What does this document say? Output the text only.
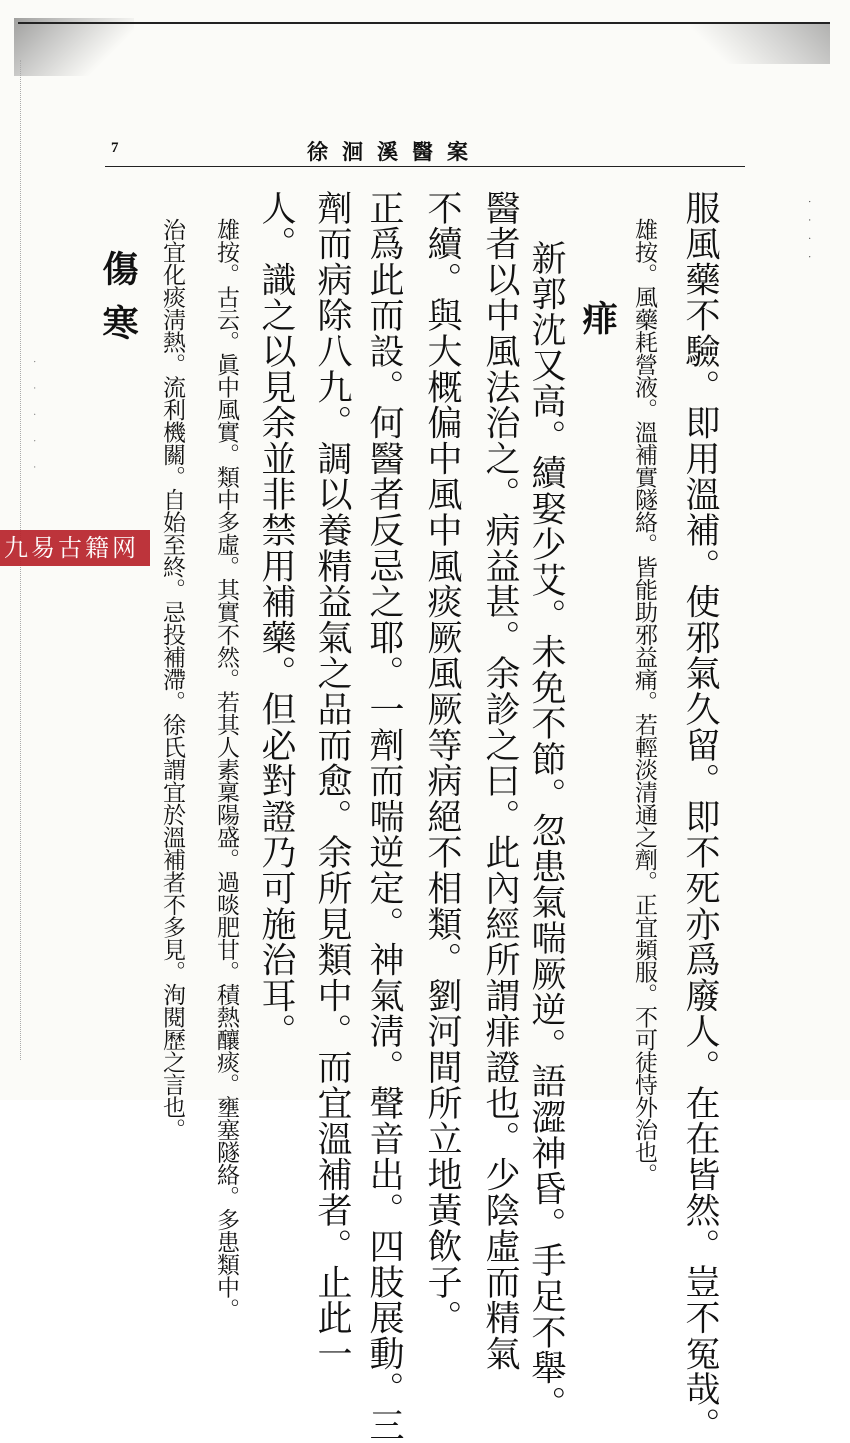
· · · ·
· · · · ·
7	徐洄溪醫案
服風藥不驗。即用溫補。使邪氣久留。即不死亦爲廢人。在在皆然。豈不冤哉。
雄按。風藥耗營液。溫補實隧絡。皆能助邪益痛。若輕淡清通之劑。正宜頻服。不可徒恃外治也。
痱
新郭沈又高。續娶少艾。未免不節。忽患氣喘厥逆。語澀神昏。手足不舉。
醫者以中風法治之。病益甚。余診之曰。此內經所謂痱證也。少陰虛而精氣
不續。與大概偏中風中風痰厥風厥等病絕不相類。劉河間所立地黃飲子。
正爲此而設。何醫者反忌之耶。一劑而喘逆定。神氣淸。聲音出。四肢展動。三
劑而病除八九。調以養精益氣之品而愈。余所見類中。而宜溫補者。止此一
人。識之以見余並非禁用補藥。但必對證乃可施治耳。
雄按。古云。眞中風實。類中多虛。其實不然。若其人素稟陽盛。過啖肥甘。積熱釀痰。壅塞隧絡。多患類中。
治宜化痰淸熱。流利機關。自始至終。忌投補滯。徐氏謂宜於溫補者不多見。洵閱歷之言也。
傷寒
九易古籍网
